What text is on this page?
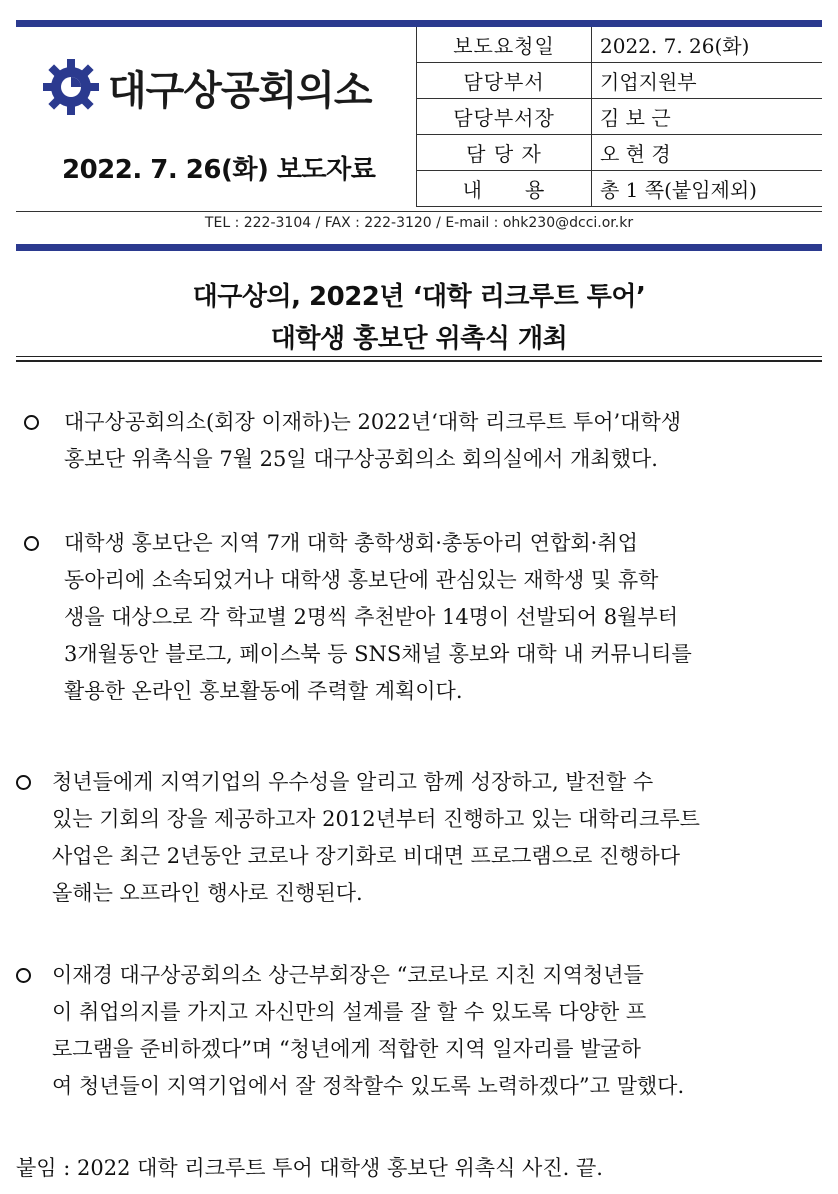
대구상공회의소
2022. 7. 26(화) 보도자료
보도요청일	2022. 7. 26(화)
담당부서	기업지원부
담당부서장	김 보 근
담 당 자	오 현 경
내　　용	총 1 쪽(붙임제외)
TEL : 222-3104 / FAX : 222-3120 / E-mail : ohk230@dcci.or.kr
대구상의, 2022년 ‘대학 리크루트 투어’
대학생 홍보단 위촉식 개최
대구상공회의소(회장 이재하)는 2022년‘대학 리크루트 투어’대학생
홍보단 위촉식을 7월 25일 대구상공회의소 회의실에서 개최했다.
대학생 홍보단은 지역 7개 대학 총학생회·총동아리 연합회·취업
동아리에 소속되었거나 대학생 홍보단에 관심있는 재학생 및 휴학
생을 대상으로 각 학교별 2명씩 추천받아 14명이 선발되어 8월부터
3개월동안 블로그, 페이스북 등 SNS채널 홍보와 대학 내 커뮤니티를
활용한 온라인 홍보활동에 주력할 계획이다.
청년들에게 지역기업의 우수성을 알리고 함께 성장하고, 발전할 수
있는 기회의 장을 제공하고자 2012년부터 진행하고 있는 대학리크루트
사업은 최근 2년동안 코로나 장기화로 비대면 프로그램으로 진행하다
올해는 오프라인 행사로 진행된다.
이재경 대구상공회의소 상근부회장은 “코로나로 지친 지역청년들
이 취업의지를 가지고 자신만의 설계를 잘 할 수 있도록 다양한 프
로그램을 준비하겠다”며 “청년에게 적합한 지역 일자리를 발굴하
여 청년들이 지역기업에서 잘 정착할수 있도록 노력하겠다”고 말했다.
붙임 : 2022 대학 리크루트 투어 대학생 홍보단 위촉식 사진. 끝.
